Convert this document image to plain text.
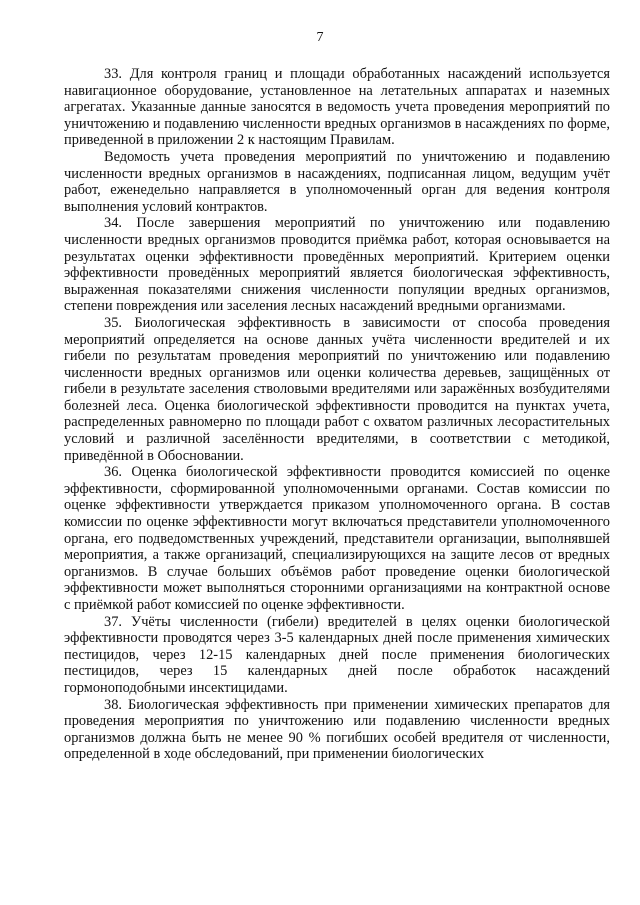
7

33. Для контроля границ и площади обработанных насаждений используется навигационное оборудование, установленное на летательных аппаратах и наземных агрегатах. Указанные данные заносятся в ведомость учета проведения мероприятий по уничтожению и подавлению численности вредных организмов в насаждениях по форме, приведенной в приложении 2 к настоящим Правилам.

Ведомость учета проведения мероприятий по уничтожению и подавлению численности вредных организмов в насаждениях, подписанная лицом, ведущим учёт работ, еженедельно направляется в уполномоченный орган для ведения контроля выполнения условий контрактов.

34. После завершения мероприятий по уничтожению или подавлению численности вредных организмов проводится приёмка работ, которая основывается на результатах оценки эффективности проведённых мероприятий. Критерием оценки эффективности проведённых мероприятий является биологическая эффективность, выраженная показателями снижения численности популяции вредных организмов, степени повреждения или заселения лесных насаждений вредными организмами.

35. Биологическая эффективность в зависимости от способа проведения мероприятий определяется на основе данных учёта численности вредителей и их гибели по результатам проведения мероприятий по уничтожению или подавлению численности вредных организмов или оценки количества деревьев, защищённых от гибели в результате заселения стволовыми вредителями или заражённых возбудителями болезней леса. Оценка биологической эффективности проводится на пунктах учета, распределенных равномерно по площади работ с охватом различных лесорастительных условий и различной заселённости вредителями, в соответствии с методикой, приведённой в Обосновании.

36. Оценка биологической эффективности проводится комиссией по оценке эффективности, сформированной уполномоченными органами. Состав комиссии по оценке эффективности утверждается приказом уполномоченного органа. В состав комиссии по оценке эффективности могут включаться представители уполномоченного органа, его подведомственных учреждений, представители организации, выполнявшей мероприятия, а также организаций, специализирующихся на защите лесов от вредных организмов. В случае больших объёмов работ проведение оценки биологической эффективности может выполняться сторонними организациями на контрактной основе с приёмкой работ комиссией по оценке эффективности.

37. Учёты численности (гибели) вредителей в целях оценки биологической эффективности проводятся через 3-5 календарных дней после применения химических пестицидов, через 12-15 календарных дней после применения биологических пестицидов, через 15 календарных дней после обработок насаждений гормоноподобными инсектицидами.

38. Биологическая эффективность при применении химических препаратов для проведения мероприятия по уничтожению или подавлению численности вредных организмов должна быть не менее 90 % погибших особей вредителя от численности, определенной в ходе обследований, при применении биологических
